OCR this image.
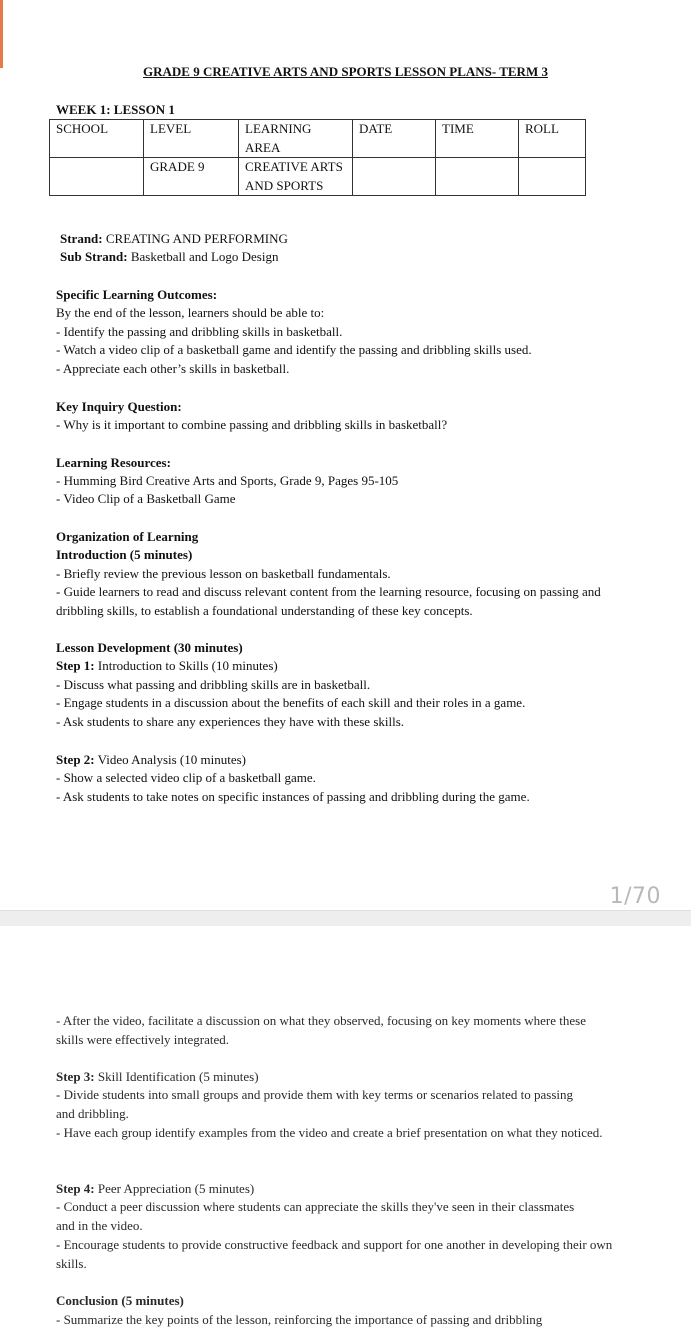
GRADE 9 CREATIVE ARTS AND SPORTS LESSON PLANS- TERM 3
WEEK 1: LESSON 1
SCHOOL	LEVEL	LEARNING AREA	DATE	TIME	ROLL
	GRADE 9	CREATIVE ARTS AND SPORTS			
Strand: CREATING AND PERFORMING
Sub Strand: Basketball and Logo Design
Specific Learning Outcomes:
By the end of the lesson, learners should be able to:
- Identify the passing and dribbling skills in basketball.
- Watch a video clip of a basketball game and identify the passing and dribbling skills used.
- Appreciate each other’s skills in basketball.
Key Inquiry Question:
- Why is it important to combine passing and dribbling skills in basketball?
Learning Resources:
- Humming Bird Creative Arts and Sports, Grade 9, Pages 95-105
- Video Clip of a Basketball Game
Organization of Learning
Introduction (5 minutes)
- Briefly review the previous lesson on basketball fundamentals.
- Guide learners to read and discuss relevant content from the learning resource, focusing on passing and dribbling skills, to establish a foundational understanding of these key concepts.
Lesson Development (30 minutes)
Step 1: Introduction to Skills (10 minutes)
- Discuss what passing and dribbling skills are in basketball.
- Engage students in a discussion about the benefits of each skill and their roles in a game.
- Ask students to share any experiences they have with these skills.
Step 2: Video Analysis (10 minutes)
- Show a selected video clip of a basketball game.
- Ask students to take notes on specific instances of passing and dribbling during the game.
1/70
- After the video, facilitate a discussion on what they observed, focusing on key moments where these skills were effectively integrated.
Step 3: Skill Identification (5 minutes)
- Divide students into small groups and provide them with key terms or scenarios related to passing and dribbling.
- Have each group identify examples from the video and create a brief presentation on what they noticed.
Step 4: Peer Appreciation (5 minutes)
- Conduct a peer discussion where students can appreciate the skills they've seen in their classmates and in the video.
- Encourage students to provide constructive feedback and support for one another in developing their own skills.
Conclusion (5 minutes)
- Summarize the key points of the lesson, reinforcing the importance of passing and dribbling
